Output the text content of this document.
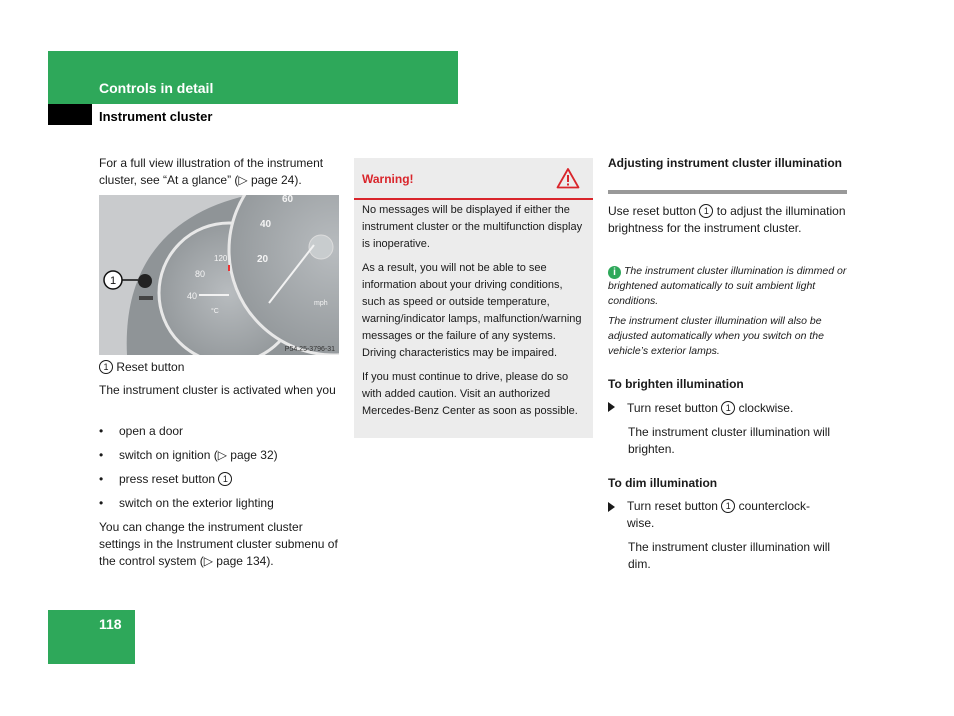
Controls in detail
Instrument cluster
For a full view illustration of the instrument cluster, see “At a glance” (▷ page 24).
1
120
80
40
60
40
20
mph
°C
P54.25-3796-31
1 Reset button
The instrument cluster is activated when you
•	open a door
•	switch on ignition (▷ page 32)
•	press reset button 1
•	switch on the exterior lighting
You can change the instrument cluster settings in the Instrument cluster submenu of the control system (▷ page 134).
Warning!

No messages will be displayed if either the instrument cluster or the multifunction display is inoperative.

As a result, you will not be able to see information about your driving conditions, such as speed or outside temperature, warning/indicator lamps, malfunction/warning messages or the failure of any systems. Driving characteristics may be impaired.

If you must continue to drive, please do so with added caution. Visit an authorized Mercedes-Benz Center as soon as possible.

Adjusting instrument cluster illumination
Use reset button 1 to adjust the illumination brightness for the instrument cluster.
i The instrument cluster illumination is dimmed or brightened automatically to suit ambient light conditions.
The instrument cluster illumination will also be adjusted automatically when you switch on the vehicle’s exterior lamps.
To brighten illumination
Turn reset button 1 clockwise.
The instrument cluster illumination will brighten.
To dim illumination
Turn reset button 1 counterclock-wise.
The instrument cluster illumination will dim.
118
